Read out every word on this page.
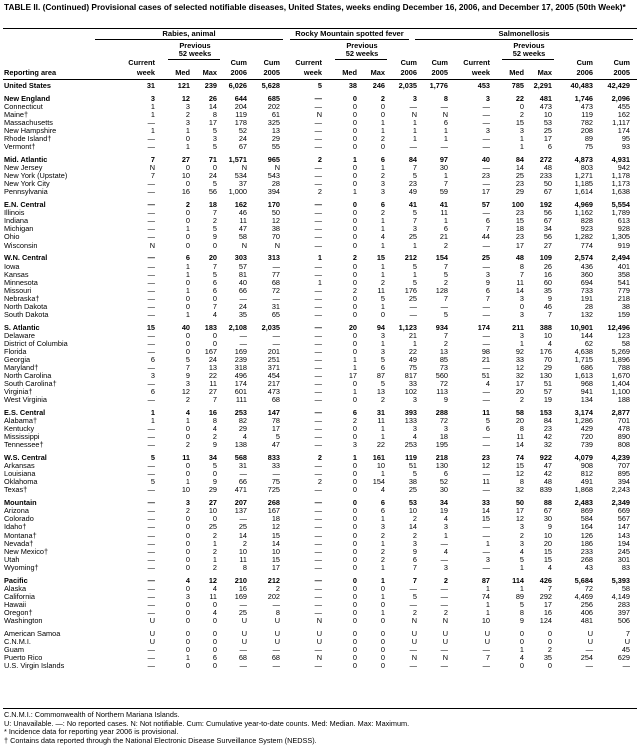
TABLE II. (Continued) Provisional cases of selected notifiable diseases, United States, weeks ending December 16, 2006, and December 17, 2005 (50th Week)*
Rabies, animal	Rocky Mountain spotted fever	Salmonellosis
Reporting area
Previous
52 weeks
Current
week	Med	Max
Cum
2006
Cum
2005
Previous
52 weeks
Current
week	Med	Max
Cum
2006
Cum
2005
Previous
52 weeks
Current
week	Med	Max
Cum
2006
Cum
2005
United States	31	121	239	6,026	5,628	5	38	246	2,035	1,776	453	785	2,291	40,483	42,429
New England	3	12	26	644	685	—	0	2	3	8	3	22	481	1,746	2,096
Connecticut	1	3	14	204	202	—	0	0	—	—	—	0	473	473	455
Maine†	1	2	8	119	61	N	0	0	N	N	—	2	10	119	162
Massachusetts	—	3	17	178	325	—	0	1	1	6	—	15	53	782	1,117
New Hampshire	1	1	5	52	13	—	0	1	1	1	3	3	25	208	174
Rhode Island†	—	0	3	24	29	—	0	2	1	1	—	1	17	89	95
Vermont†	—	1	5	67	55	—	0	0	—	—	—	1	6	75	93
Mid. Atlantic	7	27	71	1,571	965	2	1	6	84	97	40	84	272	4,873	4,931
New Jersey	N	0	0	N	N	—	0	1	7	30	—	14	48	803	942
New York (Upstate)	7	10	24	534	543	—	0	2	5	1	23	25	233	1,271	1,178
New York City	—	0	5	37	28	—	0	3	23	7	—	23	50	1,185	1,173
Pennsylvania	—	16	56	1,000	394	2	1	3	49	59	17	29	67	1,614	1,638
E.N. Central	—	2	18	162	170	—	0	6	41	41	57	100	192	4,969	5,554
Illinois	—	0	7	46	50	—	0	2	5	11	—	23	56	1,162	1,789
Indiana	—	0	2	11	12	—	0	1	7	1	6	15	67	828	613
Michigan	—	1	5	47	38	—	0	1	3	6	7	18	34	923	928
Ohio	—	0	9	58	70	—	0	4	25	21	44	23	56	1,282	1,305
Wisconsin	N	0	0	N	N	—	0	1	1	2	—	17	27	774	919
W.N. Central	—	6	20	303	313	1	2	15	212	154	25	48	109	2,574	2,494
Iowa	—	1	7	57	—	—	0	1	5	7	—	8	26	436	401
Kansas	—	1	5	81	77	—	0	1	1	5	3	7	16	360	358
Minnesota	—	0	6	40	68	1	0	2	5	2	9	11	60	694	541
Missouri	—	1	6	66	72	—	2	11	176	128	6	14	35	733	779
Nebraska†	—	0	0	—	—	—	0	5	25	7	7	3	9	191	218
North Dakota	—	0	7	24	31	—	0	1	—	—	—	0	46	28	38
South Dakota	—	1	4	35	65	—	0	0	—	5	—	3	7	132	159
S. Atlantic	15	40	183	2,108	2,035	—	20	94	1,123	934	174	211	388	10,901	12,496
Delaware	—	0	0	—	—	—	0	3	21	7	—	3	10	144	123
District of Columbia	—	0	0	—	—	—	0	1	1	2	—	1	4	62	58
Florida	—	0	167	169	201	—	0	3	22	13	98	92	176	4,638	5,269
Georgia	6	5	24	239	251	—	1	5	49	85	21	33	70	1,715	1,896
Maryland†	—	7	13	318	371	—	1	6	75	73	—	12	29	686	788
North Carolina	3	9	22	496	454	—	17	87	817	560	51	32	130	1,613	1,670
South Carolina†	—	3	11	174	217	—	0	5	33	72	4	17	51	968	1,404
Virginia†	6	12	27	601	473	—	1	13	102	113	—	20	57	941	1,100
West Virginia	—	2	7	111	68	—	0	2	3	9	—	2	19	134	188
E.S. Central	1	4	16	253	147	—	6	31	393	288	11	58	153	3,174	2,877
Alabama†	1	1	8	82	78	—	2	11	133	72	5	20	84	1,286	701
Kentucky	—	0	4	29	17	—	0	1	3	3	6	8	23	429	478
Mississippi	—	0	2	4	5	—	0	1	4	18	—	11	42	720	890
Tennessee†	—	2	9	138	47	—	3	22	253	195	—	14	32	739	808
W.S. Central	5	11	34	568	833	2	1	161	119	218	23	74	922	4,079	4,239
Arkansas	—	0	5	31	33	—	0	10	51	130	12	15	47	908	707
Louisiana	—	0	0	—	—	—	0	1	5	6	—	12	42	812	895
Oklahoma	5	1	9	66	75	2	0	154	38	52	11	8	48	491	394
Texas†	—	10	29	471	725	—	0	4	25	30	—	32	839	1,868	2,243
Mountain	—	3	27	207	268	—	0	6	53	34	33	50	88	2,483	2,349
Arizona	—	2	10	137	167	—	0	6	10	19	14	17	67	869	669
Colorado	—	0	0	—	18	—	0	1	2	4	15	12	30	584	567
Idaho†	—	0	25	25	12	—	0	3	14	3	—	3	9	164	147
Montana†	—	0	2	14	15	—	0	2	2	1	—	2	10	126	143
Nevada†	—	0	1	2	14	—	0	1	3	—	1	3	20	186	194
New Mexico†	—	0	2	10	10	—	0	2	9	4	—	4	15	233	245
Utah	—	0	1	11	15	—	0	2	6	—	3	5	15	268	301
Wyoming†	—	0	2	8	17	—	0	1	7	3	—	1	4	43	83
Pacific	—	4	12	210	212	—	0	1	7	2	87	114	426	5,684	5,393
Alaska	—	0	4	16	2	—	0	0	—	—	1	1	7	72	58
California	—	3	11	169	202	—	0	1	5	—	74	89	292	4,469	4,149
Hawaii	—	0	0	—	—	—	0	0	—	—	1	5	17	256	283
Oregon†	—	0	4	25	8	—	0	1	2	2	1	8	16	406	397
Washington	U	0	0	U	U	N	0	0	N	N	10	9	124	481	506
American Samoa	U	0	0	U	U	U	0	0	U	U	U	0	0	U	7
C.N.M.I.	U	0	0	U	U	U	0	0	U	U	U	0	0	U	U
Guam	—	0	0	—	—	—	0	0	—	—	—	1	2	—	45
Puerto Rico	—	1	6	68	68	N	0	0	N	N	7	4	35	254	629
U.S. Virgin Islands	—	0	0	—	—	—	0	0	—	—	—	0	0	—	—
C.N.M.I.: Commonwealth of Northern Mariana Islands.
U: Unavailable. —: No reported cases. N: Not notifiable. Cum: Cumulative year-to-date counts. Med: Median. Max: Maximum.
* Incidence data for reporting year 2006 is provisional.
† Contains data reported through the National Electronic Disease Surveillance System (NEDSS).
